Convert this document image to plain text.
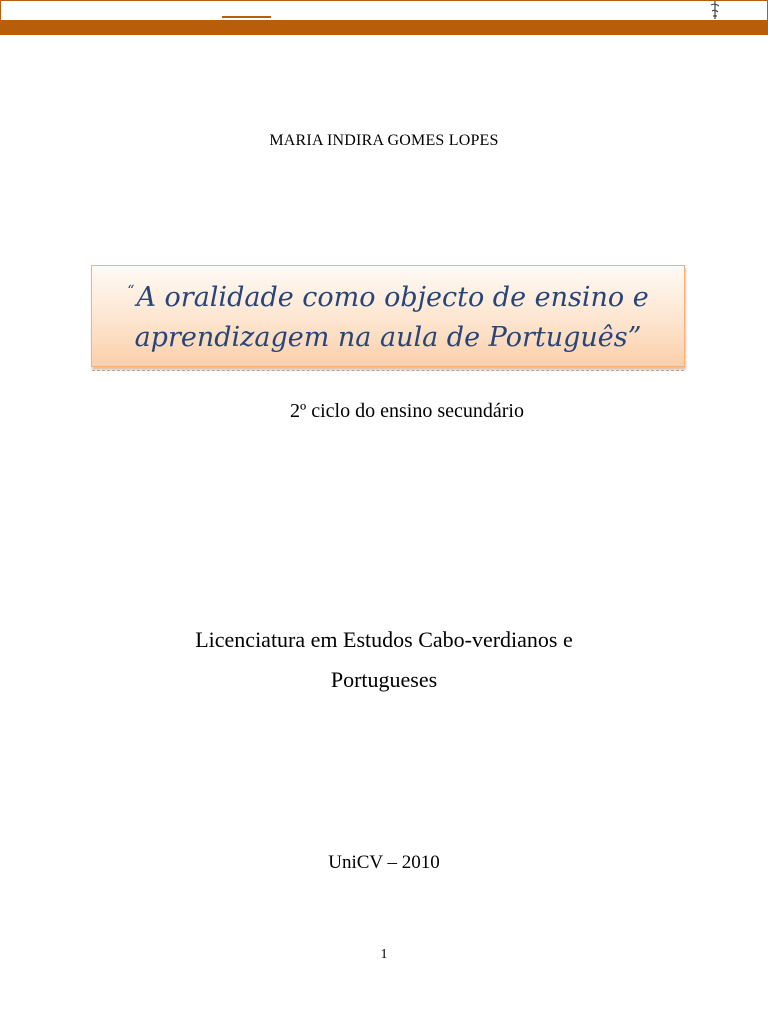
MARIA INDIRA GOMES LOPES
“A oralidade como objecto de ensino e
aprendizagem na aula de Português”
2º ciclo do ensino secundário
Licenciatura em Estudos Cabo-verdianos e
Portugueses
UniCV – 2010
1
